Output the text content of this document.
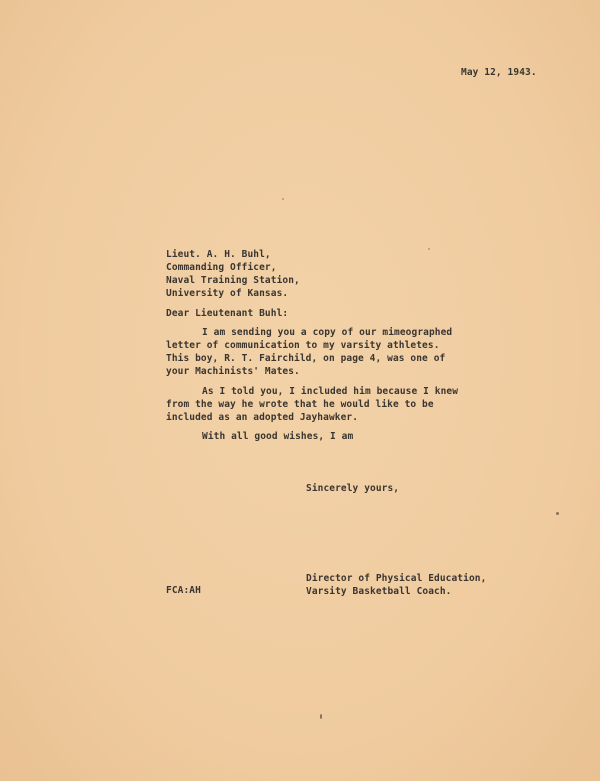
May 12, 1943.
Lieut. A. H. Buhl,
Commanding Officer,
Naval Training Station,
University of Kansas.
Dear Lieutenant Buhl:
I am sending you a copy of our mimeographed
letter of communication to my varsity athletes.
This boy, R. T. Fairchild, on page 4, was one of
your Machinists' Mates.
As I told you, I included him because I knew
from the way he wrote that he would like to be
included as an adopted Jayhawker.
With all good wishes, I am
Sincerely yours,
FCA:AH
Director of Physical Education,
Varsity Basketball Coach.
